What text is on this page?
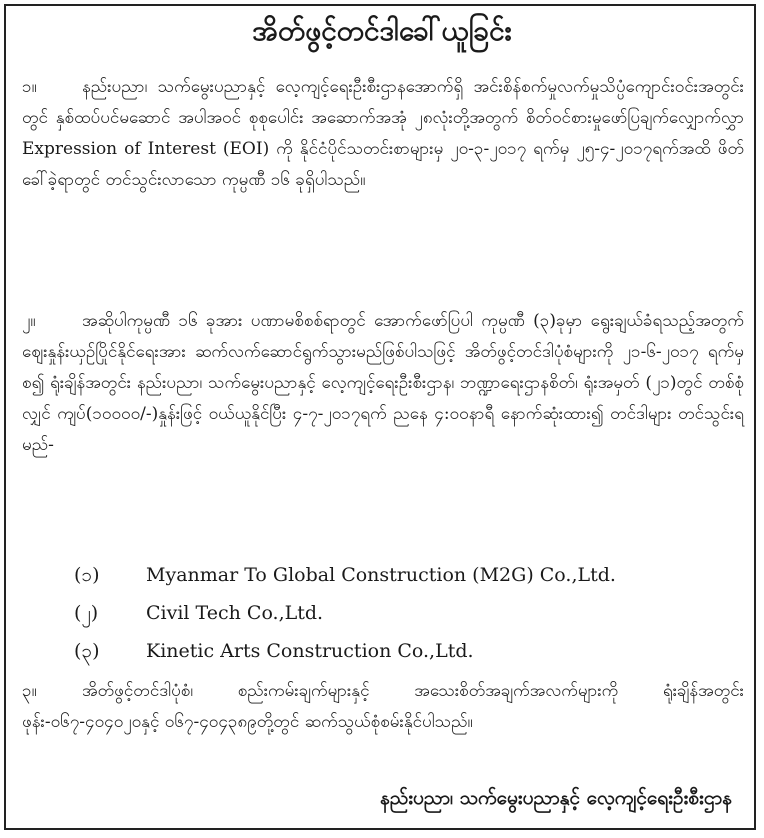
အိတ်ဖွင့်တင်ဒါခေါ်ယူခြင်း

၁။	နည်းပညာ၊ သက်မွေးပညာနှင့် လေ့ကျင့်ရေးဦးစီးဌာနအောက်ရှိ အင်းစိန်စက်မှုလက်မှုသိပ္ပံကျောင်းဝင်းအတွင်းတွင် နှစ်ထပ်ပင်မဆောင် အပါအဝင် စုစုပေါင်း အဆောက်အအုံ ၂၈လုံးတို့အတွက် စိတ်ဝင်စားမှုဖော်ပြချက်လျှောက်လွှာ Expression of Interest (EOI) ကို နိုင်ငံပိုင်သတင်းစာများမှ ၂၀-၃-၂၀၁၇ ရက်မှ ၂၅-၄-၂၀၁၇ရက်အထိ ဖိတ်ခေါ်ခဲ့ရာတွင် တင်သွင်းလာသော ကုမ္ပဏီ ၁၆ ခုရှိပါသည်။

၂။	အဆိုပါကုမ္ပဏီ ၁၆ ခုအား ပဏာမစိစစ်ရာတွင် အောက်ဖော်ပြပါ ကုမ္ပဏီ (၃)ခုမှာ ရွေးချယ်ခံရသည့်အတွက် ဈေးနှုန်းယှဉ်ပြိုင်နိုင်ရေးအား ဆက်လက်ဆောင်ရွက်သွားမည်ဖြစ်ပါသဖြင့် အိတ်ဖွင့်တင်ဒါပုံစံများကို ၂၁-၆-၂၀၁၇ ရက်မှစ၍ ရုံးချိန်အတွင်း နည်းပညာ၊ သက်မွေးပညာနှင့် လေ့ကျင့်ရေးဦးစီးဌာန၊ ဘဏ္ဍာရေးဌာနစိတ်၊ ရုံးအမှတ် (၂၁)တွင် တစ်စုံလျှင် ကျပ်(၁၀၀၀၀/-)နှုန်းဖြင့် ဝယ်ယူနိုင်ပြီး ၄-၇-၂၀၁၇ရက် ညနေ ၄:၀၀နာရီ နောက်ဆုံးထား၍ တင်ဒါများ တင်သွင်းရမည်-

(၁) Myanmar To Global Construction (M2G) Co.,Ltd.
(၂)	Civil Tech Co.,Ltd.
(၃) Kinetic Arts Construction Co.,Ltd.

၃။	အိတ်ဖွင့်တင်ဒါပုံစံ၊ စည်းကမ်းချက်များနှင့် အသေးစိတ်အချက်အလက်များကို ရုံးချိန်အတွင်း ဖုန်း-၀၆၇-၄၀၄၀၂၀နှင့် ၀၆၇-၄၀၄၃၈၉တို့တွင် ဆက်သွယ်စုံစမ်းနိုင်ပါသည်။

နည်းပညာ၊ သက်မွေးပညာနှင့် လေ့ကျင့်ရေးဦးစီးဌာန
